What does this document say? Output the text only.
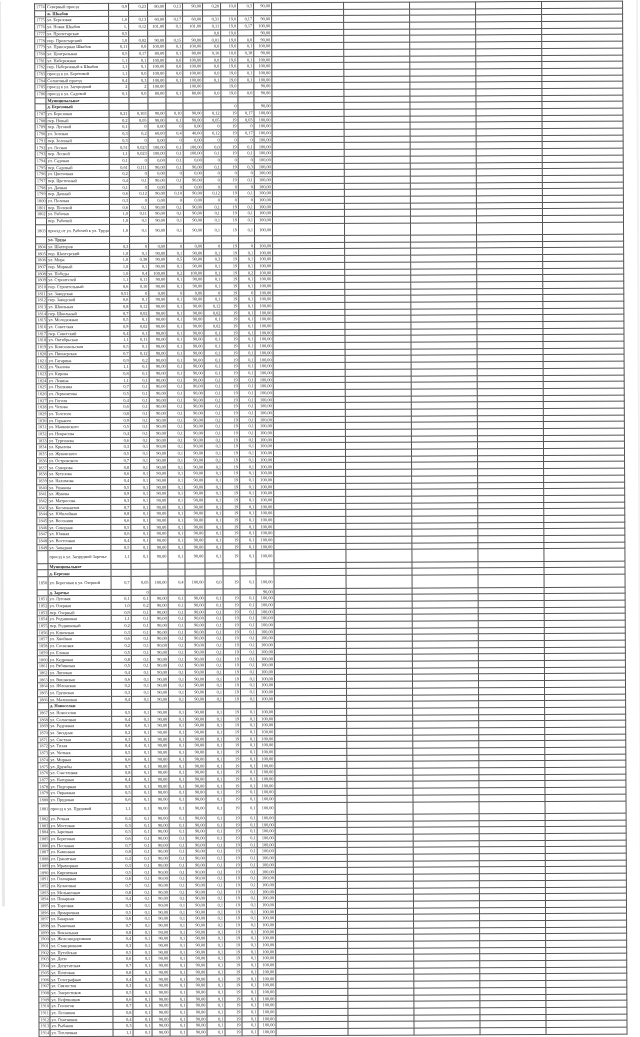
1774	Северный проезд	0,9	0,23	80,00	0,13	90,00	0,20	10,0	0,3	90,00					
	ж. Шкабов														
1775	ул. Березовая	1,6	0,13	60,00	0,17	60,00	0,31	19,0	0,17	90,00					
1776	ул. Новая Шкабов	1,	0,12	101,00	0,1	101,00	0,11	19,0	0,17	100,00					
1777	ул. Пролетарская	0,5					0,0	19,0		90,00					
1778	пер. Пролетарский	1,0	0,02	90,00	0,15	90,00	0,01	19,0	0,0	90,00					
1779	ул. Приозерная Шкабов	0,11	0,0	100,00	0,1	100,00	0,0	19,0	0,1	100,00					
1780	ул. Центральная	0,5	0,17	80,00	0,1	80,00	0,10	10,0	0,18	90,00					
1781	ул. Набережная	1,1	0,1	100,00	0,0	100,00	0,0	19,0	0,1	100,00					
1782	пер. Набережный к Шкабов	1,1	0,1	100,00	0,0	100,00	0,0	19,0	0,1	100,00					
1783	проезд к ул. Береговой	1,1	0,0	100,00	0,0	100,00	0,0	19,0	0,1	100,00					
1784	Солнечный проезд	0,4	0,3	100,00	0,1	100,00	0,1	19,0	0,1	100,00					
1785	проезд к ул. Загородной	2	2	100,00		100,00		19,0		90,00					
1786	проезд к ул. Садовой	0,1	0,0	80,00	0,1	80,00	0,0	19,0	0,0	90,00					
	Муниципальное														
	д. Березовый							0		90,00					
1787	ул. Березовая	0,21	0,103	90,00	0,10	90,00	0,12	19	0,17	100,00					
1788	пер. Новый	0,2	0,05	90,00	0,1	90,00	0,05	19	0,03	100,00					
1789	пер. Луговой	0,1	0	0,00	0	0,00	0	19	0	100,00					
1790	ул. Зеленая	0,3	0,2	60,00	0,4	40,00	0,12	19	0,17	100,00					
1791	пер. Зеленый	0,3	0	0,00	0	0,00	0	0	0	100,00					
1792	ул. Лесная	0,51	0,023	100,00	0,1	100,00	0,0	19	0,1	100,00					
1793	пер. Лесной	1,1	0,023	100,00	0,1	100,00	0,1	19	0,1	100,00					
1794	ул. Садовая	0,1	0	0,00	0,1	0,00	0	0	0	100,00					
1795	пер. Садовый	0,61	0,111	90,00	0,1	90,00	0,1	19	0,3	100,00					
1796	ул. Цветочная	0,2	0	0,00	0	0,00	0	0	0	100,00					
1797	пер. Цветочный	0,4	0,1	90,00	0,1	90,00	0	19	0,1	100,00					
1798	ул. Дачная	0,1	0	0,00	0	0,00	0	0	0	100,00					
1799	пер. Дачный	0,6	0,12	90,00	0,10	90,00	0,12	19	0,1	100,00					
1800	ул. Полевая	0,3	0	0,00	0	0,00	0	0	0	100,00					
1801	пер. Полевой	0,6	0,1	90,00	0,1	90,00	0,1	19	0,1	100,00					
1802	ул. Рабочая	1,0	0,11	90,00	0,1	90,00	0,1	19	0,1	100,00					
	пер. Рабочий	1,0	0,1	90,00	0,1	90,00	0,1	19	0,1	100,00					
1803	проезд от ул. Рабочей к ул. Труда	1,0	0,1	90,00	0,1	90,00	0,1	19	0,1	100,00					
	ул. Труда														
1804	ул. Шахтеров	0,3	0	0,00	0	0,00	0	19	0	100,00					
1805	пер. Шахтерский	1,0	0,1	90,00	0,1	90,00	0,1	19	0,1	100,00					
1806	ул. Мира	1,0	0,38	90,00	0,5	90,00	0,3	19	0,1	100,00					
1807	пер. Мирный	1,0	0,1	90,00	0,1	90,00	0,1	19	0,1	100,00					
1808	ул. Победы	1,0	0,4	100,00	0,2	100,00	0,1	19	0,2	100,00					
1809	ул. Строителей	1,1	0,11	90,00	0,1	90,00	0,1	19	0,1	100,00					
1810	пер. Строительный	0,6	0,10	90,00	0,1	90,00	0,1	19	0,1	100,00					
1811	ул. Заводская	0,51	0	0,00	0	0,00	0	19	0	100,00					
1812	пер. Заводской	0,6	0,1	90,00	0,1	90,00	0,1	19	0,1	100,00					
1813	ул. Школьная	0,8	0,12	90,00	0,1	90,00	0,12	19	0,1	100,00					
1814	пер. Школьный	0,7	0,02	90,00	0,1	90,00	0,02	19	0,1	100,00					
1815	ул. Молодежная	0,5	0,1	90,00	0,1	90,00	0,1	19	0,1	100,00					
1816	ул. Советская	0,9	0,02	90,00	0,1	90,00	0,02	19	0,1	100,00					
1817	пер. Советский	0,4	0,1	90,00	0,1	90,00	0,1	19	0,1	100,00					
1818	ул. Октябрьская	1,1	0,11	90,00	0,1	90,00	0,1	19	0,1	100,00					
1819	ул. Комсомольская	0,5	0,1	90,00	0,1	90,00	0,1	19	0,1	100,00					
1820	ул. Пионерская	0,7	0,12	90,00	0,1	90,00	0,1	19	0,1	100,00					
1821	ул. Гагарина	0,9	0,2	90,00	0,1	90,00	0,1	19	0,1	100,00					
1822	ул. Чкалова	1,1	0,1	90,00	0,1	90,00	0,1	19	0,1	100,00					
1823	ул. Кирова	0,8	0,1	90,00	0,1	90,00	0,1	19	0,1	100,00					
1824	ул. Ленина	1,1	0,1	90,00	0,1	90,00	0,1	19	0,1	100,00					
1825	ул. Пушкина	0,7	0,1	90,00	0,1	90,00	0,1	19	0,1	100,00					
1826	ул. Лермонтова	0,5	0,1	90,00	0,1	90,00	0,1	19	0,1	100,00					
1827	ул. Гоголя	0,4	0,1	90,00	0,1	90,00	0,1	19	0,1	100,00					
1828	ул. Чехова	0,6	0,1	90,00	0,1	90,00	0,1	19	0,1	100,00					
1829	ул. Толстого	0,8	0,1	90,00	0,1	90,00	0,1	19	0,1	100,00					
1830	ул. Горького	0,9	0,1	90,00	0,1	90,00	0,1	19	0,1	100,00					
1831	ул. Маяковского	0,5	0,1	90,00	0,1	90,00	0,1	19	0,1	100,00					
1832	ул. Некрасова	0,4	0,1	90,00	0,1	90,00	0,1	19	0,1	100,00					
1833	ул. Тургенева	0,6	0,1	90,00	0,1	90,00	0,1	19	0,1	100,00					
1834	ул. Крылова	0,3	0,1	90,00	0,1	90,00	0,1	19	0,1	100,00					
1835	ул. Жуковского	0,5	0,1	90,00	0,1	90,00	0,1	19	0,1	100,00					
1836	ул. Островского	0,7	0,1	90,00	0,1	90,00	0,1	19	0,1	100,00					
1837	ул. Суворова	0,8	0,1	90,00	0,1	90,00	0,1	19	0,1	100,00					
1838	ул. Кутузова	0,6	0,1	90,00	0,1	90,00	0,1	19	0,1	100,00					
1839	ул. Нахимова	0,4	0,1	90,00	0,1	90,00	0,1	19	0,1	100,00					
1840	ул. Ушакова	0,5	0,1	90,00	0,1	90,00	0,1	19	0,1	100,00					
1841	ул. Жукова	0,9	0,1	90,00	0,1	90,00	0,1	19	0,1	100,00					
1842	ул. Матросова	0,3	0,1	90,00	0,1	90,00	0,1	19	0,1	100,00					
1843	ул. Космонавтов	0,7	0,1	90,00	0,1	90,00	0,1	19	0,1	100,00					
1844	ул. Юбилейная	0,8	0,1	90,00	0,1	90,00	0,1	19	0,1	100,00					
1845	ул. Весенняя	0,6	0,1	90,00	0,1	90,00	0,1	19	0,1	100,00					
1846	ул. Северная	0,5	0,1	90,00	0,1	90,00	0,1	19	0,1	100,00					
1847	ул. Южная	0,6	0,1	90,00	0,1	90,00	0,1	19	0,1	100,00					
1848	ул. Восточная	0,4	0,1	90,00	0,1	90,00	0,1	19	0,1	100,00					
1849	ул. Западная	0,5	0,1	90,00	0,1	90,00	0,1	19	0,1	100,00					
	проезд к ул. Запрудной Заречье	1,1	0,1	90,00	0,1	90,00	0,1	19	0,1	100,00					
	Муниципальное														
	д. Березки														
1850	ул. Береговая к ул. Озерной	0,7	0,05	100,00	0,4	100,00	0,0	19	0,1	100,00					
	д. Заречье		0							90,00					
1851	ул. Луговая	0,1	0,1	90,00	0,1	90,00	0,1	19	0,1	100,00					
1852	ул. Озерная	1,0	0,2	90,00	0,1	90,00	0,1	19	0,1	100,00					
1853	пер. Озерный	0,9	0,1	90,00	0,1	90,00	0,1	19	0,1	100,00					
1854	ул. Родниковая	1,1	0,1	90,00	0,1	90,00	0,1	19	0,1	100,00					
1855	пер. Родниковый	0,2	0,1	90,00	0,1	90,00	0,1	19	0,1	100,00					
1856	ул. Ключевая	0,3	0,1	90,00	0,1	90,00	0,1	19	0,1	100,00					
1857	ул. Хвойная	0,6	0,1	90,00	0,1	90,00	0,1	19	0,1	100,00					
1858	ул. Сосновая	0,2	0,1	90,00	0,1	90,00	0,1	19	0,1	100,00					
1859	ул. Еловая	0,5	0,1	90,00	0,1	90,00	0,1	19	0,1	100,00					
1860	ул. Кедровая	0,8	0,1	90,00	0,1	90,00	0,1	19	0,1	100,00					
1861	ул. Рябиновая	0,5	0,1	90,00	0,1	90,00	0,1	19	0,1	100,00					
1862	ул. Липовая	0,4	0,1	90,00	0,1	90,00	0,1	19	0,1	100,00					
1863	ул. Вишневая	0,6	0,1	90,00	0,1	90,00	0,1	19	0,1	100,00					
1864	ул. Яблоневая	0,2	0,1	90,00	0,1	90,00	0,1	19	0,1	100,00					
1865	ул. Грушевая	0,3	0,1	90,00	0,1	90,00	0,1	19	0,1	100,00					
1866	ул. Малиновая	0,4	0,1	90,00	0,1	90,00	0,1	19	0,1	100,00					
	д. Новоселки														
1867	ул. Новоселов	0,5	0,1	90,00	0,1	90,00	0,1	19	0,1	100,00					
1868	ул. Солнечная	0,4	0,1	90,00	0,1	90,00	0,1	19	0,1	100,00					
1869	ул. Радужная	0,6	0,1	90,00	0,1	90,00	0,1	19	0,1	100,00					
1870	ул. Звездная	0,2	0,1	90,00	0,1	90,00	0,1	19	0,1	100,00					
1871	ул. Светлая	0,3	0,1	90,00	0,1	90,00	0,1	19	0,1	100,00					
1872	ул. Тихая	0,4	0,1	90,00	0,1	90,00	0,1	19	0,1	100,00					
1873	ул. Уютная	0,5	0,1	90,00	0,1	90,00	0,1	19	0,1	100,00					
1874	ул. Мирная	0,6	0,1	90,00	0,1	90,00	0,1	19	0,1	100,00					
1875	ул. Дружбы	0,7	0,1	90,00	0,1	90,00	0,1	19	0,1	100,00					
1876	ул. Счастливая	0,8	0,1	90,00	0,1	90,00	0,1	19	0,1	100,00					
1877	ул. Нагорная	0,4	0,1	90,00	0,1	90,00	0,1	19	0,1	100,00					
1878	ул. Подгорная	0,3	0,1	90,00	0,1	90,00	0,1	19	0,1	100,00					
1879	ул. Овражная	0,5	0,1	90,00	0,1	90,00	0,1	19	0,1	100,00					
1880	ул. Прудовая	0,6	0,1	90,00	0,1	90,00	0,1	19	0,1	100,00					
1881	проезд к ул. Прудовой	1,1	0,1	90,00	0,1	90,00	0,1	19	0,1	100,00					
1882	ул. Речная	0,4	0,1	90,00	0,1	90,00	0,1	19	0,1	100,00					
1883	ул. Мостовая	0,3	0,1	90,00	0,1	90,00	0,1	19	0,1	100,00					
1884	ул. Заречная	0,5	0,1	90,00	0,1	90,00	0,1	19	0,1	100,00					
1885	ул. Береговая	0,6	0,1	90,00	0,1	90,00	0,1	19	0,1	100,00					
1886	ул. Песчаная	0,7	0,1	90,00	0,1	90,00	0,1	19	0,1	100,00					
1887	ул. Каменная	0,8	0,1	90,00	0,1	90,00	0,1	19	0,1	100,00					
1888	ул. Гранитная	0,4	0,1	90,00	0,1	90,00	0,1	19	0,1	100,00					
1889	ул. Мраморная	0,3	0,1	90,00	0,1	90,00	0,1	19	0,1	100,00					
1890	ул. Кирпичная	0,5	0,1	90,00	0,1	90,00	0,1	19	0,1	100,00					
1891	ул. Гончарная	0,6	0,1	90,00	0,1	90,00	0,1	19	0,1	100,00					
1892	ул. Кузнечная	0,7	0,1	90,00	0,1	90,00	0,1	19	0,1	100,00					
1893	ул. Мельничная	0,8	0,1	90,00	0,1	90,00	0,1	19	0,1	100,00					
1894	ул. Пекарная	0,4	0,1	90,00	0,1	90,00	0,1	19	0,1	100,00					
1895	ул. Торговая	0,3	0,1	90,00	0,1	90,00	0,1	19	0,1	100,00					
1896	ул. Ярмарочная	0,5	0,1	90,00	0,1	90,00	0,1	19	0,1	100,00					
1897	ул. Базарная	0,6	0,1	90,00	0,1	90,00	0,1	19	0,1	100,00					
1898	ул. Рыночная	0,7	0,1	90,00	0,1	90,00	0,1	19	0,1	100,00					
1899	ул. Вокзальная	0,8	0,1	90,00	0,1	90,00	0,1	19	0,1	100,00					
1900	ул. Железнодорожная	0,4	0,1	90,00	0,1	90,00	0,1	19	0,1	100,00					
1901	ул. Станционная	0,3	0,1	90,00	0,1	90,00	0,1	19	0,1	100,00					
1902	ул. Путейская	0,5	0,1	90,00	0,1	90,00	0,1	19	0,1	100,00					
1903	ул. Депо	0,6	0,1	90,00	0,1	90,00	0,1	19	0,1	100,00					
1904	ул. Депутатская	0,7	0,1	90,00	0,1	90,00	0,1	19	0,1	100,00					
1905	ул. Почтовая	0,8	0,1	90,00	0,1	90,00	0,1	19	0,1	100,00					
1906	ул. Телеграфная	0,4	0,1	90,00	0,1	90,00	0,1	19	0,1	100,00					
1907	ул. Связистов	0,3	0,1	90,00	0,1	90,00	0,1	19	0,1	100,00					
1908	ул. Энергетиков	0,5	0,1	90,00	0,1	90,00	0,1	19	0,1	100,00					
1909	ул. Нефтяников	0,6	0,1	90,00	0,1	90,00	0,1	19	0,1	100,00					
1910	ул. Геологов	0,7	0,1	90,00	0,1	90,00	0,1	19	0,1	100,00					
1911	ул. Лесников	0,8	0,1	90,00	0,1	90,00	0,1	19	0,1	100,00					
1912	ул. Охотников	0,4	0,1	90,00	0,1	90,00	0,1	19	0,1	100,00					
1913	ул. Рыбаков	0,3	0,1	90,00	0,1	90,00	0,1	19	0,1	100,00					
1914	ул. Тепличная	1,1	0,1	90,00	0,1	90,00	0,1	19	0,1	100,00					
